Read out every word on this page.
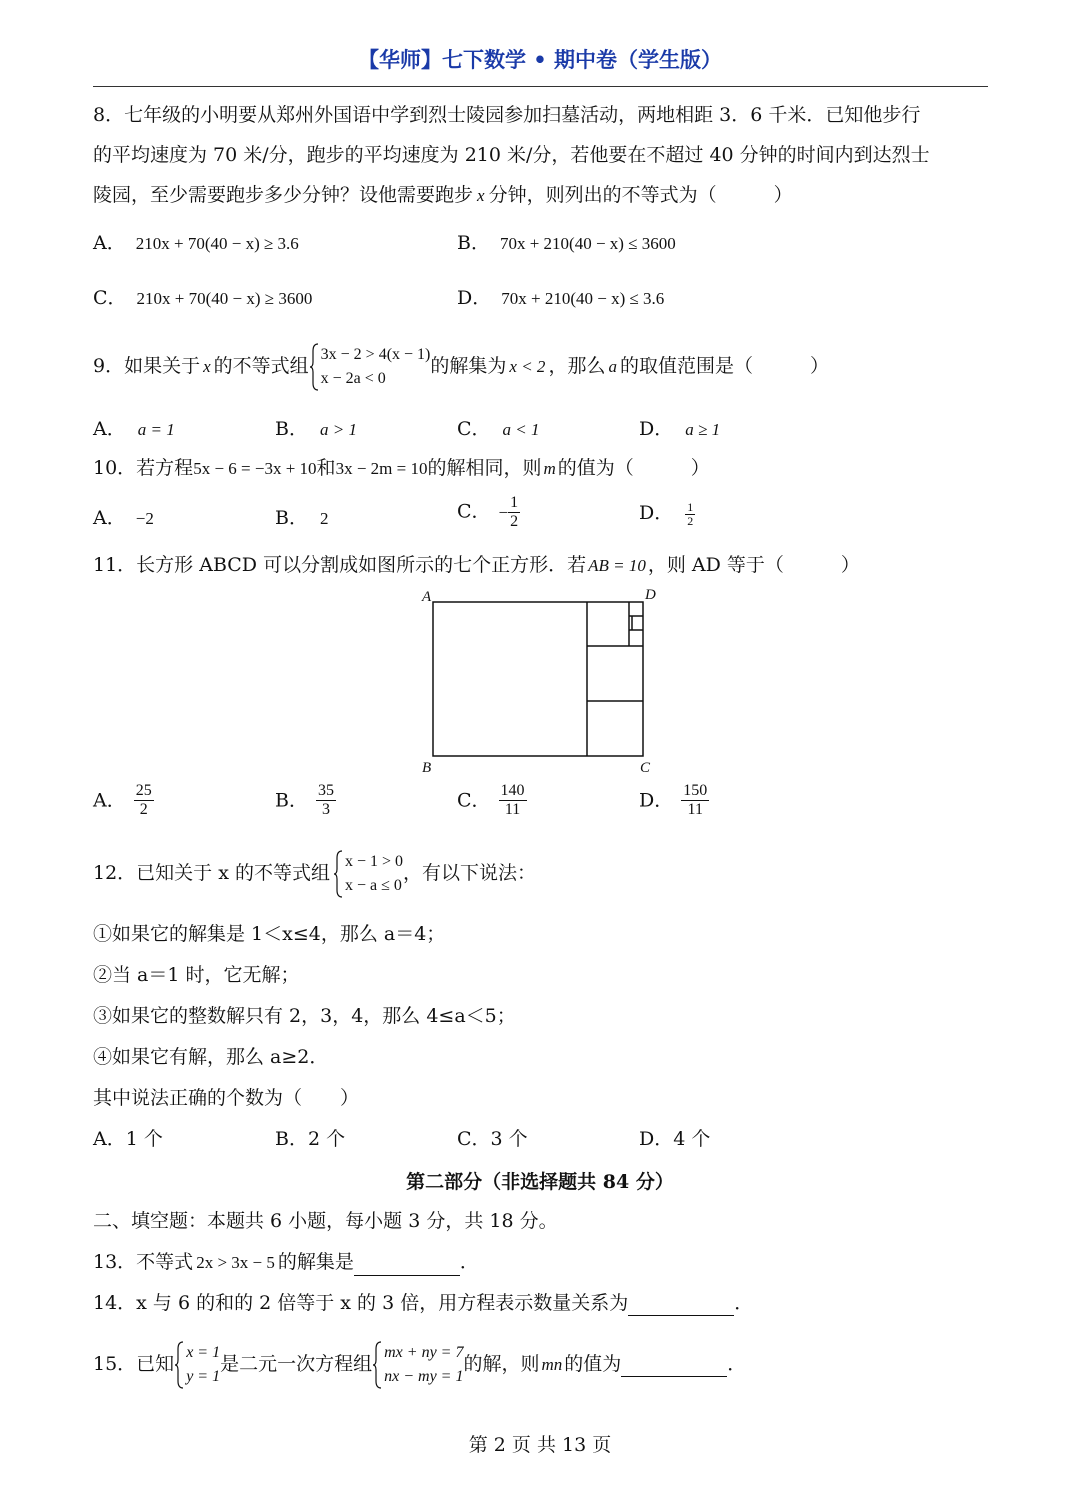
【华师】七下数学 • 期中卷（学生版）
8．七年级的小明要从郑州外国语中学到烈士陵园参加扫墓活动，两地相距 3．6 千米．已知他步行
的平均速度为 70 米/分，跑步的平均速度为 210 米/分，若他要在不超过 40 分钟的时间内到达烈士
陵园，至少需要跑步多少分钟？设他需要跑步 x 分钟，则列出的不等式为（　　　）
A． 210x + 70(40 − x) ≥ 3.6	B． 70x + 210(40 − x) ≤ 3600
C． 210x + 70(40 − x) ≥ 3600	D． 70x + 210(40 − x) ≤ 3.6
9．如果关于 x 的不等式组
3x − 2 > 4(x − 1)
x − 2a < 0
的解集为 x < 2 ，那么 a 的取值范围是（　　　）
A． a = 1	B． a > 1	C． a < 1	D． a ≥ 1
10．若方程5x − 6 = −3x + 10和3x − 2m = 10的解相同，则 m 的值为（　　　）
A． −2	B． 2	C． − $\frac{1}{2}$	D． $\frac{1}{2}$
11．长方形 ABCD 可以分割成如图所示的七个正方形．若 AB = 10 ，则 AD 等于（　　　）
A	D
B	C
A． $\frac{25}{2}$	B． $\frac{35}{3}$	C． $\frac{140}{11}$	D． $\frac{150}{11}$
12．已知关于 x 的不等式组
x − 1 > 0
x − a ≤ 0
，有以下说法：
①如果它的解集是 1＜x≤4，那么 a＝4；
②当 a＝1 时，它无解；
③如果它的整数解只有 2，3，4，那么 4≤a＜5；
④如果它有解，那么 a≥2．
其中说法正确的个数为（　　）
A．1 个	B．2 个	C．3 个	D．4 个
第二部分（非选择题共 84 分）
二、填空题：本题共 6 小题，每小题 3 分，共 18 分。
13．不等式 2x > 3x − 5 的解集是	．
14．x 与 6 的和的 2 倍等于 x 的 3 倍，用方程表示数量关系为	．
15．已知
x = 1
y = 1
是二元一次方程组
mx + ny = 7
nx − my = 1
的解，则 mn 的值为	．
第 2 页 共 13 页
